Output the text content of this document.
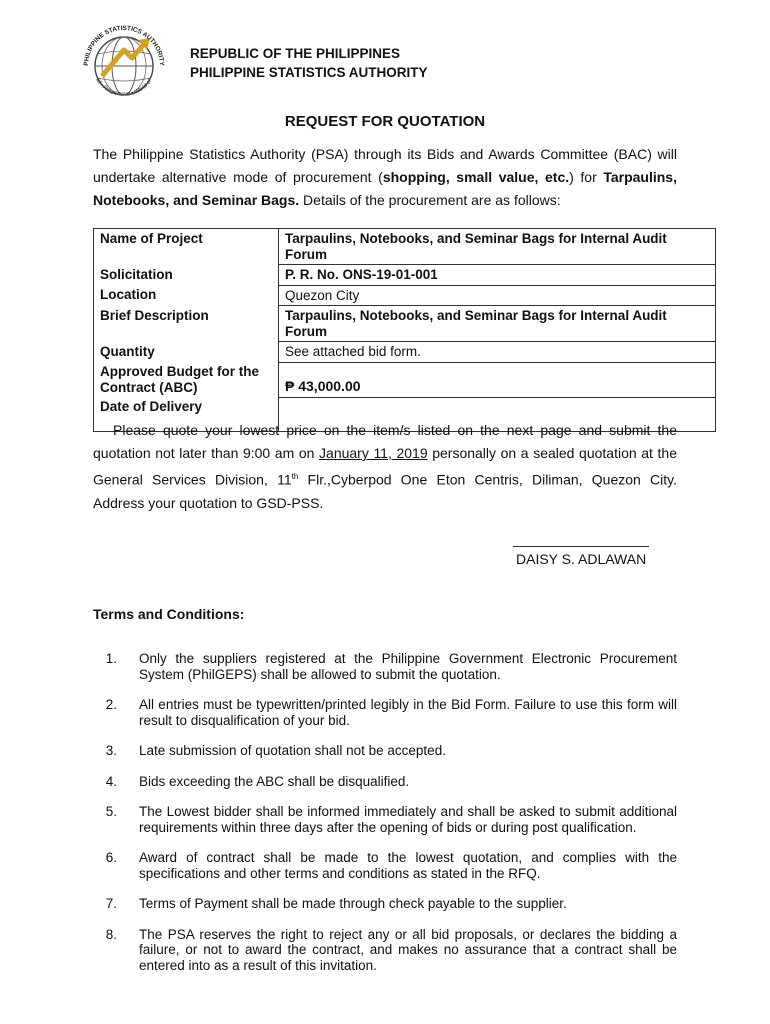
PHILIPPINE STATISTICS AUTHORITY
lid • Responsive • World-cl
REPUBLIC OF THE PHILIPPINES
PHILIPPINE STATISTICS AUTHORITY
REQUEST FOR QUOTATION
The Philippine Statistics Authority (PSA) through its Bids and Awards Committee (BAC) will undertake alternative mode of procurement (shopping, small value, etc.) for Tarpaulins, Notebooks, and Seminar Bags. Details of the procurement are as follows:
Name of Project	Tarpaulins, Notebooks, and Seminar Bags for Internal Audit Forum
Solicitation	P. R. No. ONS-19-01-001
Location	Quezon City
Brief Description	Tarpaulins, Notebooks, and Seminar Bags for Internal Audit Forum
Quantity	See attached bid form.
Approved Budget for the Contract (ABC)	₱ 43,000.00
Date of Delivery	
Please quote your lowest price on the item/s listed on the next page and submit the quotation not later than 9:00 am on January 11, 2019 personally on a sealed quotation at the General Services Division, 11th Flr.,Cyberpod One Eton Centris, Diliman, Quezon City. Address your quotation to GSD-PSS.
DAISY S. ADLAWAN
Terms and Conditions:
1.	Only the suppliers registered at the Philippine Government Electronic Procurement System (PhilGEPS) shall be allowed to submit the quotation.
2.	All entries must be typewritten/printed legibly in the Bid Form. Failure to use this form will result to disqualification of your bid.
3.	Late submission of quotation shall not be accepted.
4.	Bids exceeding the ABC shall be disqualified.
5.	The Lowest bidder shall be informed immediately and shall be asked to submit additional requirements within three days after the opening of bids or during post qualification.
6.	Award of contract shall be made to the lowest quotation, and complies with the specifications and other terms and conditions as stated in the RFQ.
7.	Terms of Payment shall be made through check payable to the supplier.
8.	The PSA reserves the right to reject any or all bid proposals, or declares the bidding a failure, or not to award the contract, and makes no assurance that a contract shall be entered into as a result of this invitation.
